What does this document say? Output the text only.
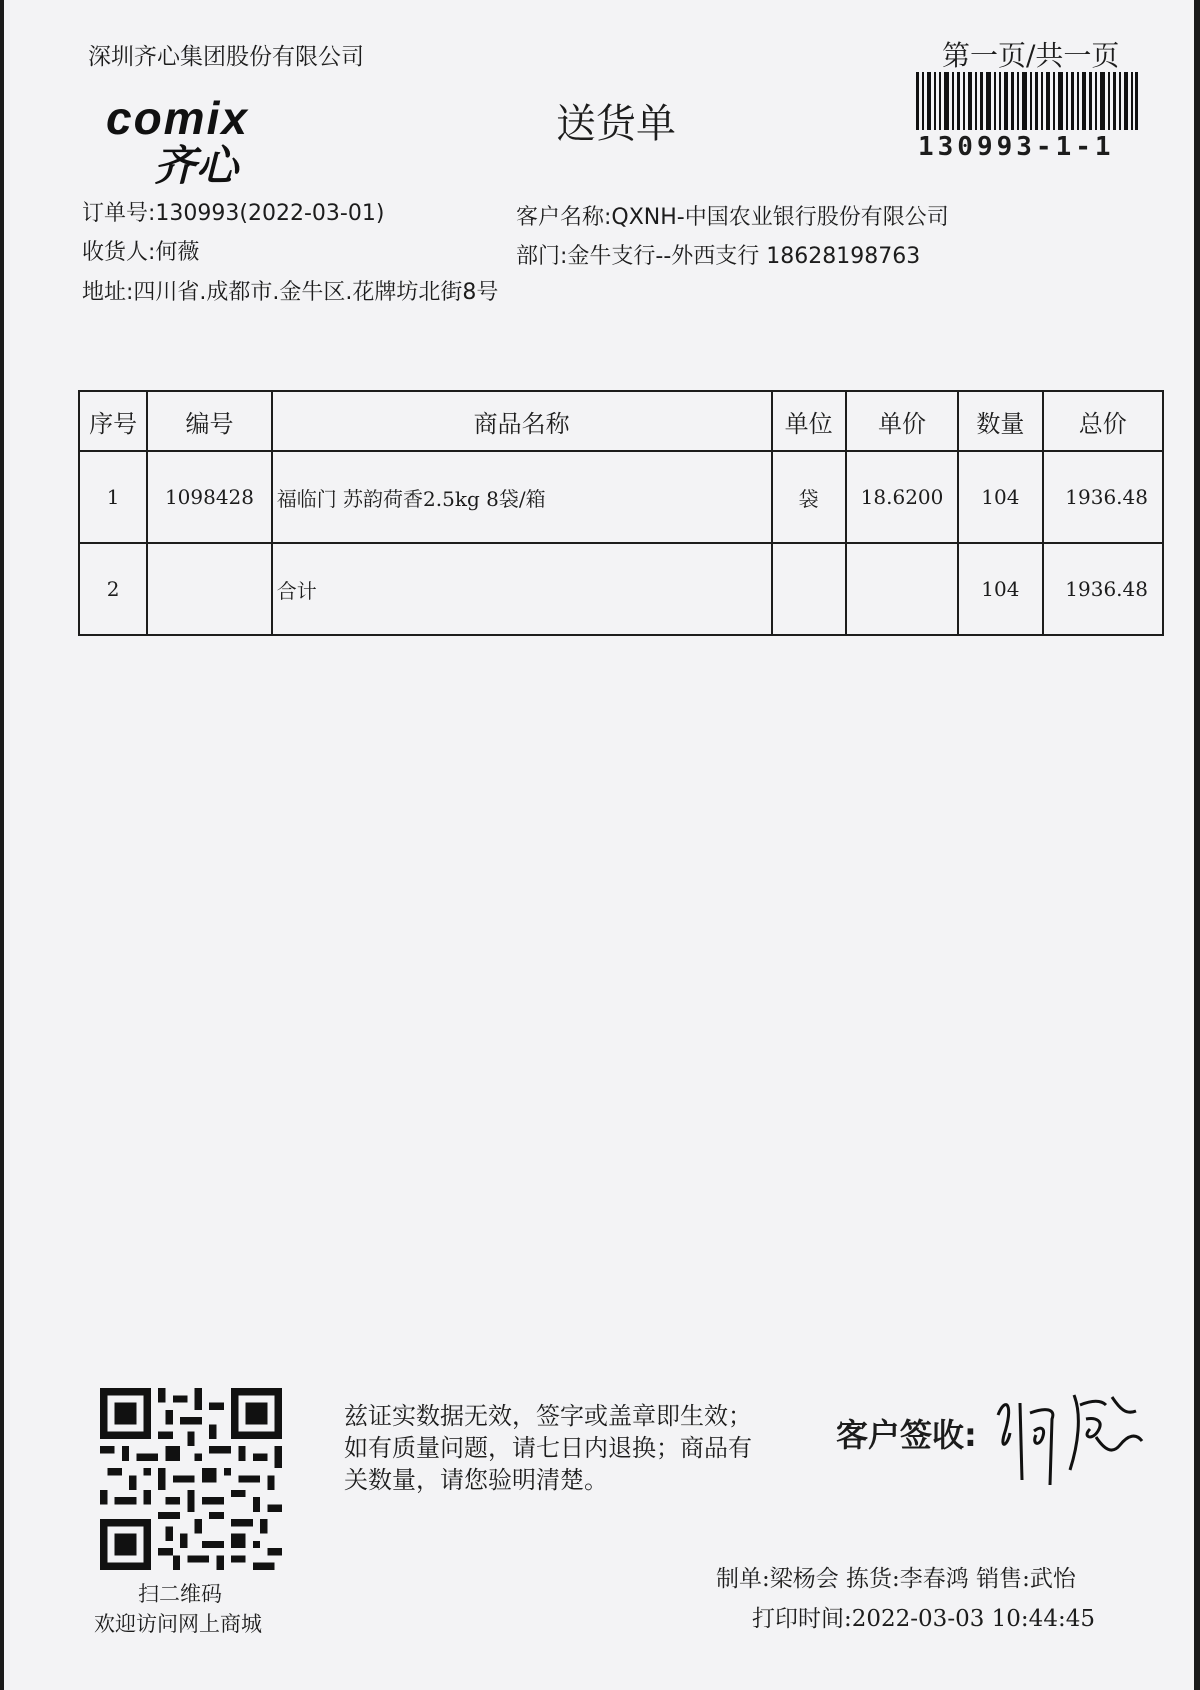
深圳齐心集团股份有限公司	第一页/共一页
130993-1-1
comix
齐心
送货单
订单号:130993(2022-03-01)
收货人:何薇
地址:四川省.成都市.金牛区.花牌坊北街8号
客户名称:QXNH-中国农业银行股份有限公司
部门:金牛支行--外西支行 18628198763
序号	编号	商品名称	单位	单价	数量	总价
1	1098428	福临门 苏韵荷香2.5kg 8袋/箱	袋	18.6200	104	1936.48
2		合计			104	1936.48
扫二维码
欢迎访问网上商城
兹证实数据无效，签字或盖章即生效；如有质量问题，请七日内退换；商品有关数量，请您验明清楚。
客户签收:
制单:梁杨会 拣货:李春鸿 销售:武怡
打印时间:2022-03-03 10:44:45
